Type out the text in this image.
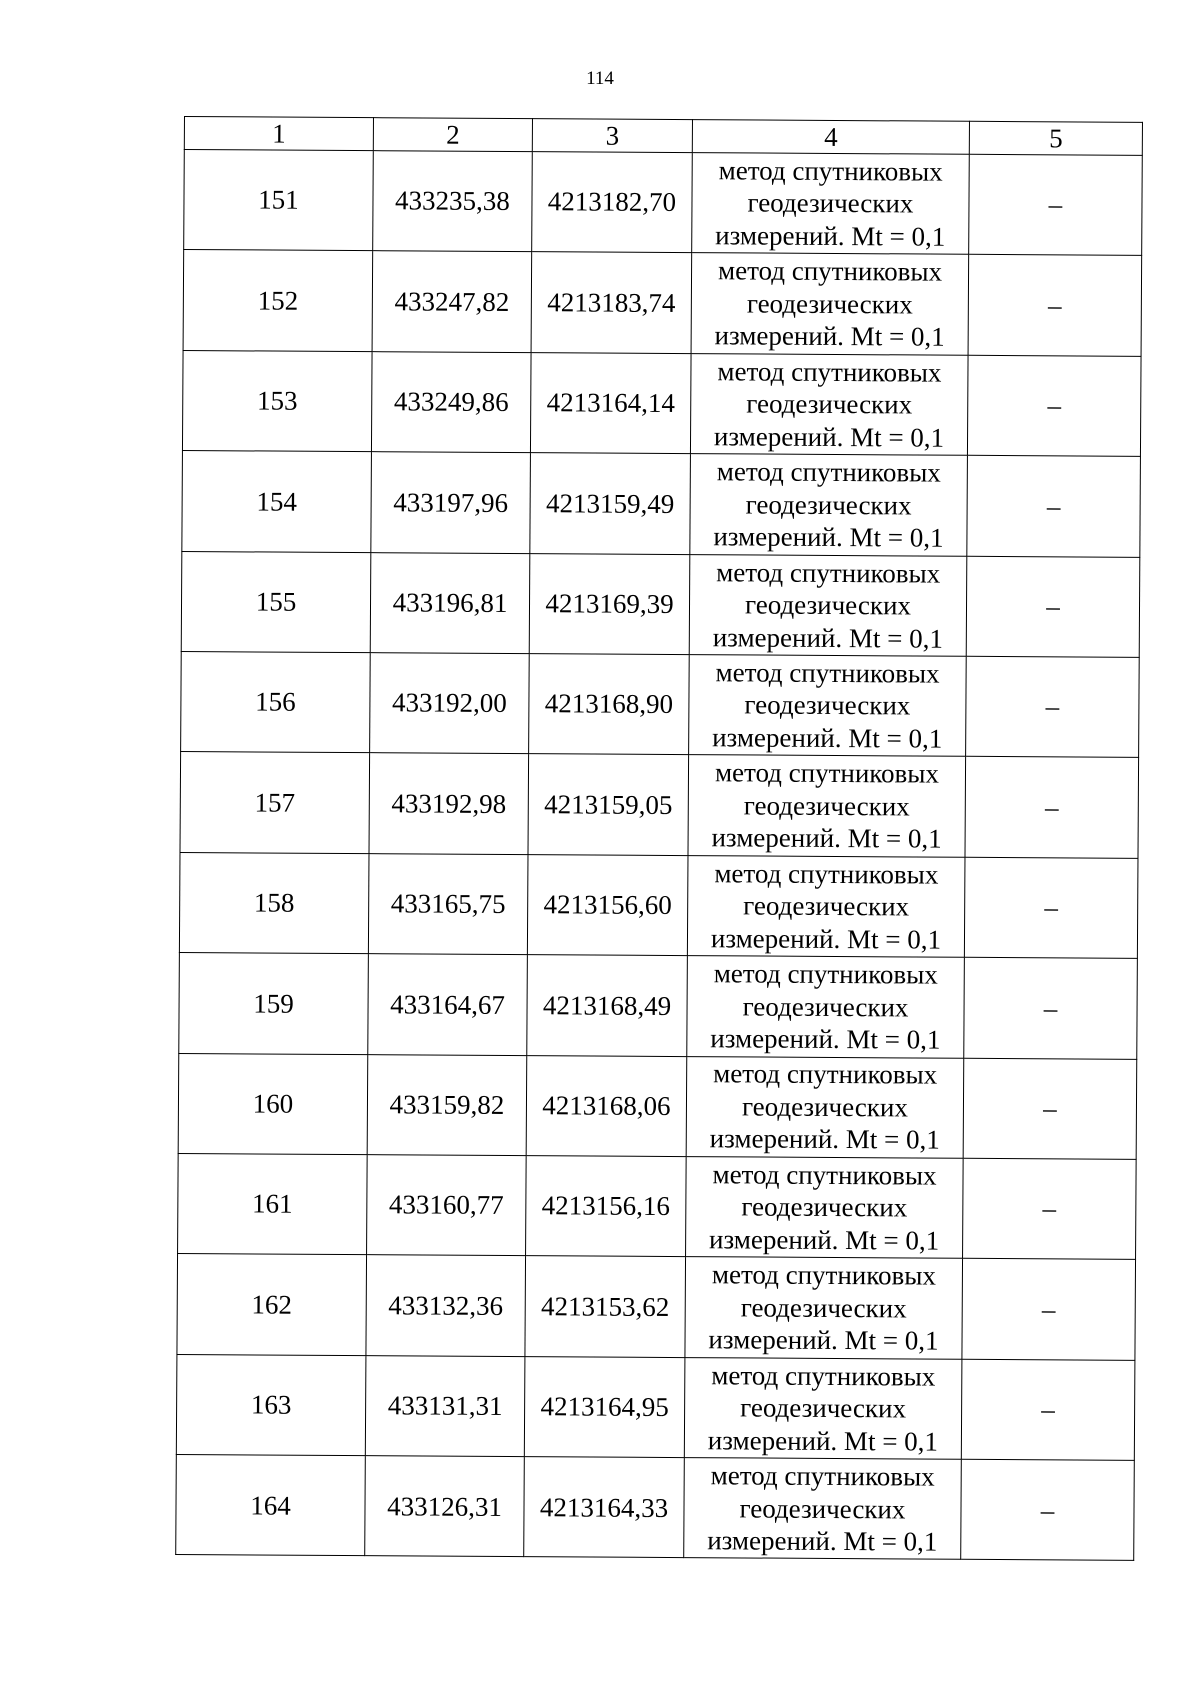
114
1	2	3	4	5
151	433235,38	4213182,70	метод спутниковых
геодезических
измерений. Mt = 0,1	–
152	433247,82	4213183,74	метод спутниковых
геодезических
измерений. Mt = 0,1	–
153	433249,86	4213164,14	метод спутниковых
геодезических
измерений. Mt = 0,1	–
154	433197,96	4213159,49	метод спутниковых
геодезических
измерений. Mt = 0,1	–
155	433196,81	4213169,39	метод спутниковых
геодезических
измерений. Mt = 0,1	–
156	433192,00	4213168,90	метод спутниковых
геодезических
измерений. Mt = 0,1	–
157	433192,98	4213159,05	метод спутниковых
геодезических
измерений. Mt = 0,1	–
158	433165,75	4213156,60	метод спутниковых
геодезических
измерений. Mt = 0,1	–
159	433164,67	4213168,49	метод спутниковых
геодезических
измерений. Mt = 0,1	–
160	433159,82	4213168,06	метод спутниковых
геодезических
измерений. Mt = 0,1	–
161	433160,77	4213156,16	метод спутниковых
геодезических
измерений. Mt = 0,1	–
162	433132,36	4213153,62	метод спутниковых
геодезических
измерений. Mt = 0,1	–
163	433131,31	4213164,95	метод спутниковых
геодезических
измерений. Mt = 0,1	–
164	433126,31	4213164,33	метод спутниковых
геодезических
измерений. Mt = 0,1	–
